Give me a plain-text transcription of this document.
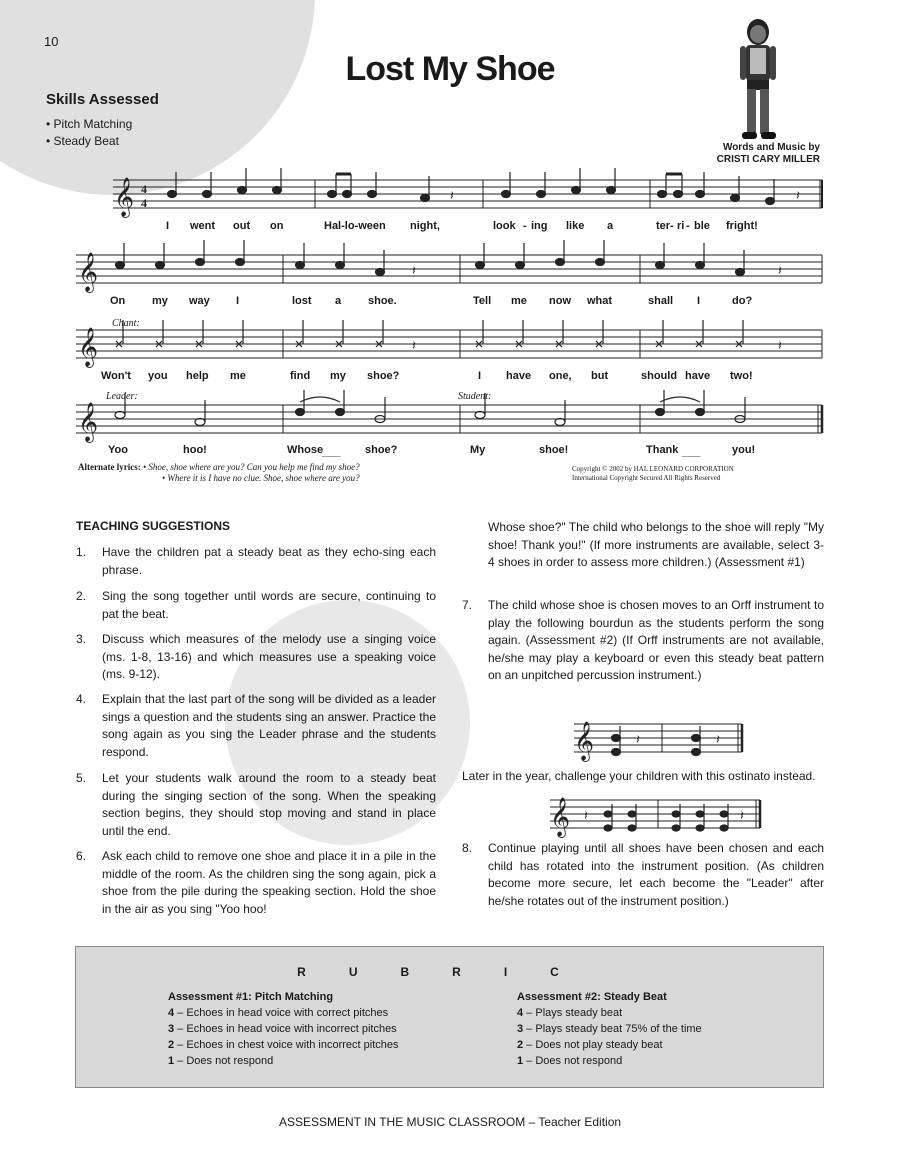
10
Lost My Shoe
Skills Assessed
• Pitch Matching
• Steady Beat	Words and Music by
CRISTI CARY MILLER
𝄞
𝄞
𝄞
𝄞
4
4	𝄽	𝄽
𝄽	𝄽
𝄽	𝄽
Chant:
Leader:	Student:
I went out on	Hal-lo-ween night,	look - ing like a	ter - ri - ble fright!
On my way I	lost a shoe.	Tell me now what	shall I	do?
Won't you help me	find my shoe?	I have one, but	should have two!
Yoo	hoo!	Whose
___ shoe?	My	shoe!	Thank ___	you!
Alternate lyrics: • Shoe, shoe where are you? Can you help me find my shoe?
• Where it is I have no clue. Shoe, shoe where are you?
Copyright © 2002 by HAL LEONARD CORPORATION
International Copyright Secured All Rights Reserved
TEACHING SUGGESTIONS
1. Have the children pat a steady beat as they echo-sing each phrase.
2. Sing the song together until words are secure, continuing to pat the beat.
3. Discuss which measures of the melody use a singing voice (ms. 1-8, 13-16) and which measures use a speaking voice (ms. 9-12).
4. Explain that the last part of the song will be divided as a leader sings a question and the students sing an answer. Practice the song again as you sing the Leader phrase and the students respond.
5. Let your students walk around the room to a steady beat during the singing section of the song. When the speaking section begins, they should stop moving and stand in place until the end.
6. Ask each child to remove one shoe and place it in a pile in the middle of the room. As the children sing the song again, pick a shoe from the pile during the speaking section. Hold the shoe in the air as you sing "Yoo hoo!
Whose shoe?" The child who belongs to the shoe will reply "My shoe! Thank you!" (If more instruments are available, select 3-4 shoes in order to assess more children.) (Assessment #1)
7. The child whose shoe is chosen moves to an Orff instrument to play the following bourdun as the students perform the song again. (Assessment #2) (If Orff instruments are not available, he/she may play a keyboard or even this steady beat pattern on an unpitched percussion instrument.)
𝄞	𝄽	𝄽
Later in the year, challenge your children with this ostinato instead.
𝄞 𝄽	𝄽
8. Continue playing until all shoes have been chosen and each child has rotated into the instrument position. (As children become more secure, let each become the "Leader" after he/she rotates out of the instrument position.)
RUBRIC
Assessment #1: Pitch Matching
4 – Echoes in head voice with correct pitches
3 – Echoes in head voice with incorrect pitches
2 – Echoes in chest voice with incorrect pitches
1 – Does not respond
Assessment #2: Steady Beat
4 – Plays steady beat
3 – Plays steady beat 75% of the time
2 – Does not play steady beat
1 – Does not respond
ASSESSMENT IN THE MUSIC CLASSROOM – Teacher Edition
